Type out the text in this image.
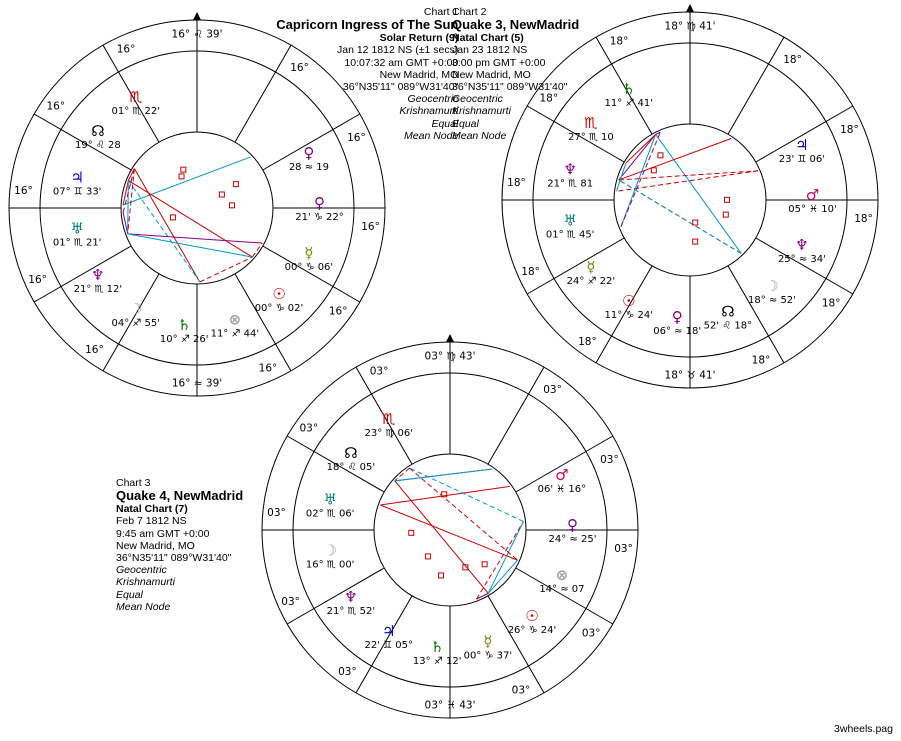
16° ♌ 39'
16°
16°
16°
16°
16°
16° ≈ 39'
16°
16°
16°
16°
16°
♏︎
01° ♏︎ 22'
☊
19° ♌︎ 28
♃
07° ♊︎ 33'
♅
01° ♏︎ 21'
♆
21° ♏︎ 12'
☽
04° ♐︎ 55' ♄
10° ♐︎ 26'
⊗
11° ♐︎ 44'
☉
00° ♑︎ 02'
☿
00° ♑︎ 06'
♀
21' ♑︎ 22°
♀
28 ≈ 19
18° ♍ 41'
18°
18°
18°
18°
18°
18° ♉ 41'
18°
18°
18°
18°
18°
♄
11° ♐︎ 41'
♏︎
27° ♏︎ 10
♆
21° ♏︎ 81
♅
01° ♏︎ 45'
☿
24° ♐︎ 22'
☉
11° ♑︎ 24' ♀
06° ≈ 18'
☊
52' ♌︎ 18°
☽
18° ≈ 52'
♆
25° ≈ 34'
♂
05° ♓︎ 10'
♃
23' ♊︎ 06'
03° ♍ 43'
03°
03°
03°
03°
03°
03° ♓ 43'
03°
03°
03°
03°
03°
♏︎
23° ♍︎ 06'
☊
18° ♌︎ 05'
♅
02° ♏︎ 06'
☽
16° ♏︎ 00'
♆
21° ♏︎ 52'
♃
22' ♊︎ 05° ♄
13° ♐︎ 12'
☿
00° ♑︎ 37'
☉
26° ♑︎ 24'
⊗
14° ≈ 07
♀
24° ≈ 25'
♂
06' ♓︎ 16°
Chart 1
Capricorn Ingress of The Sun
Solar Return (9)
Jan 12 1812 NS (±1 secs)
10:07:32 am GMT +0:00
New Madrid, MO
36°N35'11" 089°W31'40"
Geocentric
Krishnamurti
Equal
Mean Node
Chart 2
Quake 3, NewMadrid
Natal Chart (5)
Jan 23 1812 NS
3:00 pm GMT +0:00
New Madrid, MO
36°N35'11" 089°W31'40"
Geocentric
Krishnamurti
Equal
Mean Node
Chart 3
Quake 4, NewMadrid
Natal Chart (7)
Feb 7 1812 NS
9:45 am GMT +0:00
New Madrid, MO
36°N35'11" 089°W31'40"
Geocentric
Krishnamurti
Equal
Mean Node
3wheels.pag
